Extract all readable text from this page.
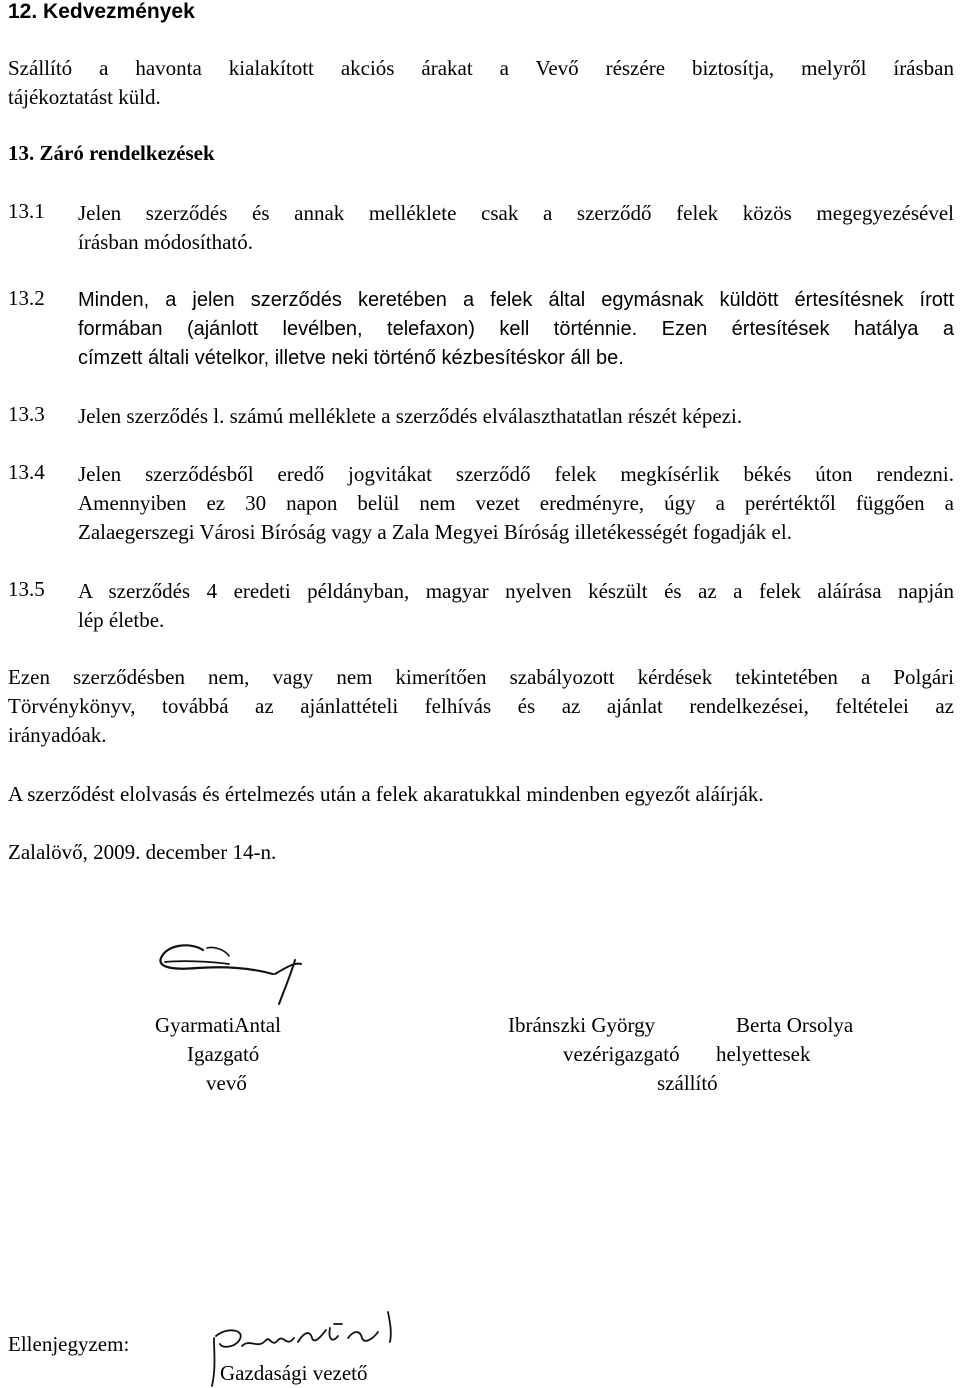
12. Kedvezmények
Szállító a havonta kialakított akciós árakat a Vevő részére biztosítja, melyről írásban
tájékoztatást küld.
13. Záró rendelkezések
13.1 Jelen szerződés és annak melléklete csak a szerződő felek közös megegyezésével
írásban módosítható.
13.2 Minden, a jelen szerződés keretében a felek által egymásnak küldött értesítésnek írott
formában (ajánlott levélben, telefaxon) kell történnie. Ezen értesítések hatálya a
címzett általi vételkor, illetve neki történő kézbesítéskor áll be.
13.3 Jelen szerződés l. számú melléklete a szerződés elválaszthatatlan részét képezi.
13.4 Jelen szerződésből eredő jogvitákat szerződő felek megkísérlik békés úton rendezni.
Amennyiben ez 30 napon belül nem vezet eredményre, úgy a perértéktől függően a
Zalaegerszegi Városi Bíróság vagy a Zala Megyei Bíróság illetékességét fogadják el.
13.5 A szerződés 4 eredeti példányban, magyar nyelven készült és az a felek aláírása napján
lép életbe.
Ezen szerződésben nem, vagy nem kimerítően szabályozott kérdések tekintetében a Polgári
Törvénykönyv, továbbá az ajánlattételi felhívás és az ajánlat rendelkezései, feltételei az
irányadóak.
A szerződést elolvasás és értelmezés után a felek akaratukkal mindenben egyezőt aláírják.
Zalalövő, 2009. december 14-n.
GyarmatiAntal
Igazgató
vevő
Ibránszki György	Berta Orsolya
vezérigazgató helyettesek
szállító
Ellenjegyzem:
Gazdasági vezető
